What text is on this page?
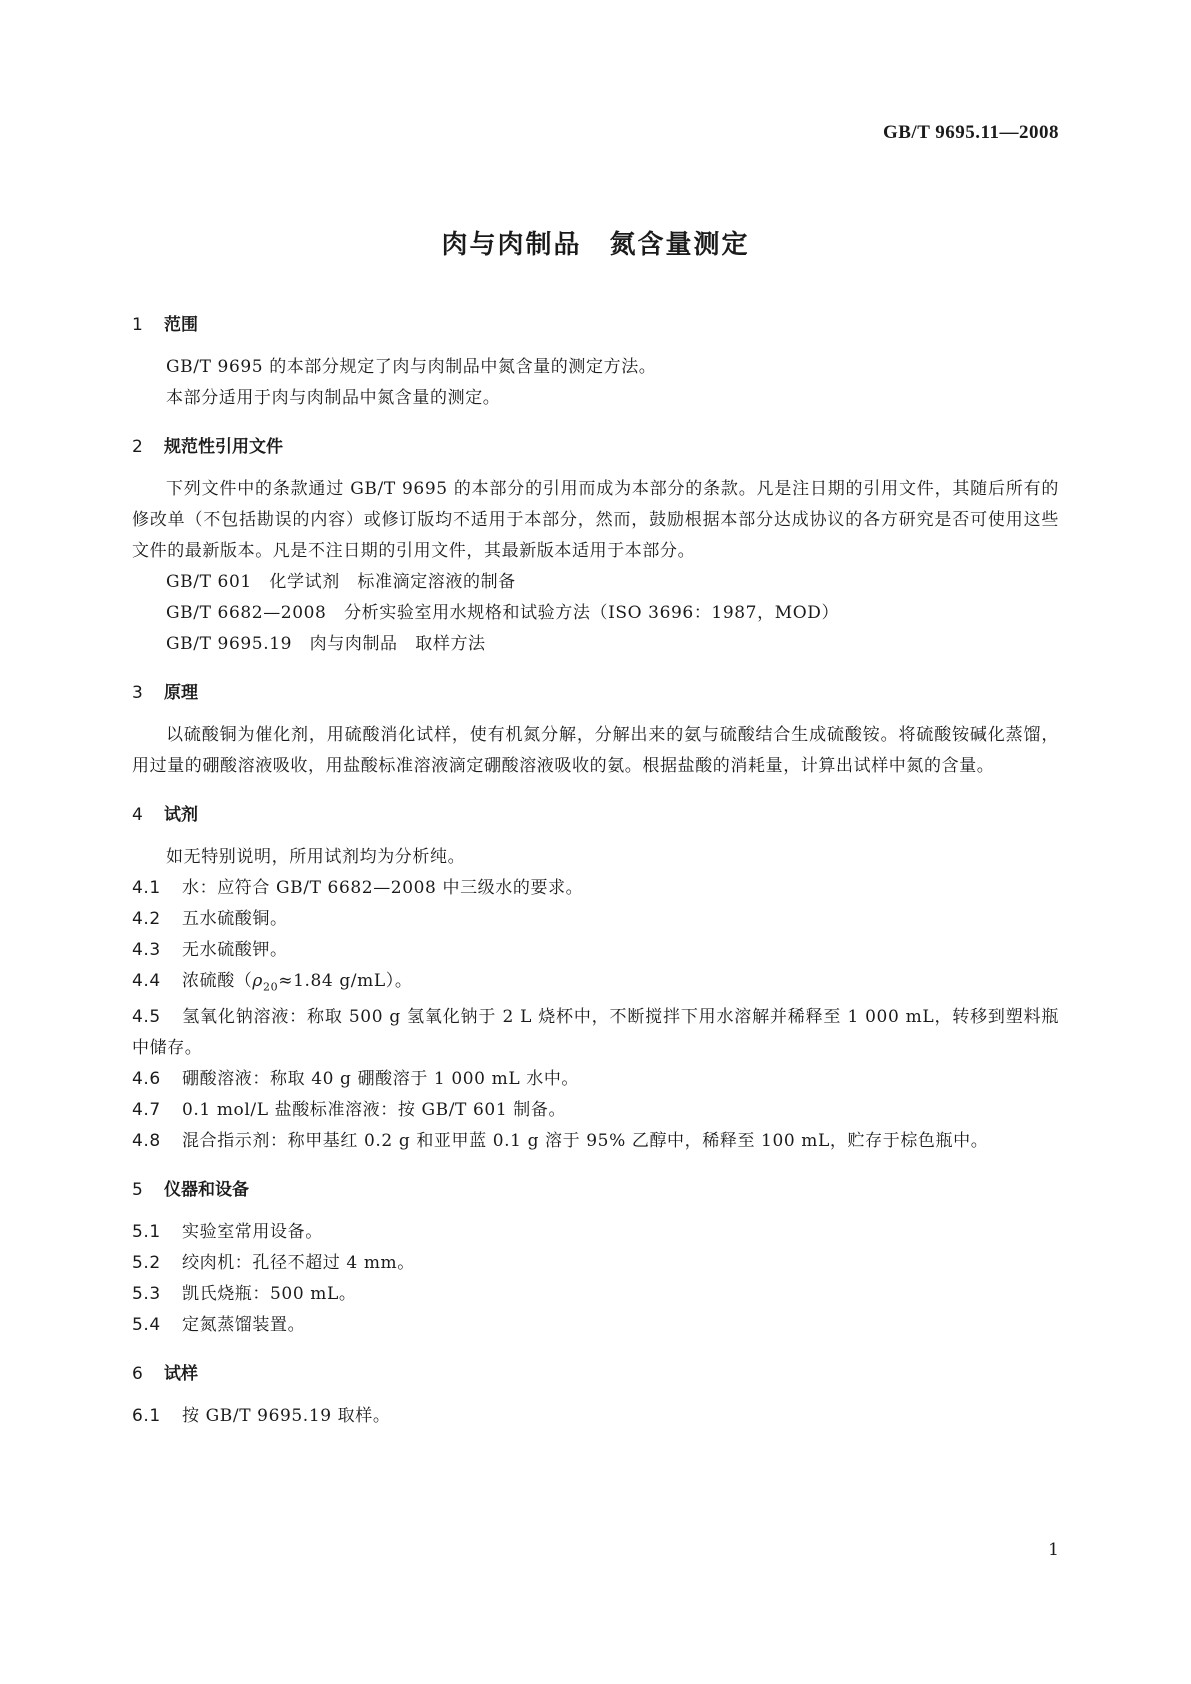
GB/T 9695.11—2008
肉与肉制品　氮含量测定
1 范围

GB/T 9695 的本部分规定了肉与肉制品中氮含量的测定方法。

本部分适用于肉与肉制品中氮含量的测定。

2 规范性引用文件

下列文件中的条款通过 GB/T 9695 的本部分的引用而成为本部分的条款。凡是注日期的引用文件，其随后所有的修改单（不包括勘误的内容）或修订版均不适用于本部分，然而，鼓励根据本部分达成协议的各方研究是否可使用这些文件的最新版本。凡是不注日期的引用文件，其最新版本适用于本部分。

GB/T 601　化学试剂　标准滴定溶液的制备

GB/T 6682—2008　分析实验室用水规格和试验方法（ISO 3696：1987，MOD）

GB/T 9695.19　肉与肉制品　取样方法

3 原理

以硫酸铜为催化剂，用硫酸消化试样，使有机氮分解，分解出来的氨与硫酸结合生成硫酸铵。将硫酸铵碱化蒸馏，用过量的硼酸溶液吸收，用盐酸标准溶液滴定硼酸溶液吸收的氨。根据盐酸的消耗量，计算出试样中氮的含量。

4 试剂

如无特别说明，所用试剂均为分析纯。

4.1 水：应符合 GB/T 6682—2008 中三级水的要求。

4.2 五水硫酸铜。

4.3 无水硫酸钾。

4.4 浓硫酸（$\rho_{20}\approx 1.84$ g/mL）。

4.5 氢氧化钠溶液：称取 500 g 氢氧化钠于 2 L 烧杯中，不断搅拌下用水溶解并稀释至 1 000 mL，转移到塑料瓶中储存。

4.6 硼酸溶液：称取 40 g 硼酸溶于 1 000 mL 水中。

4.7 0.1 mol/L 盐酸标准溶液：按 GB/T 601 制备。

4.8 混合指示剂：称甲基红 0.2 g 和亚甲蓝 0.1 g 溶于 95% 乙醇中，稀释至 100 mL，贮存于棕色瓶中。

5 仪器和设备

5.1 实验室常用设备。

5.2 绞肉机：孔径不超过 4 mm。

5.3 凯氏烧瓶：500 mL。

5.4 定氮蒸馏装置。

6 试样

6.1 按 GB/T 9695.19 取样。

1
